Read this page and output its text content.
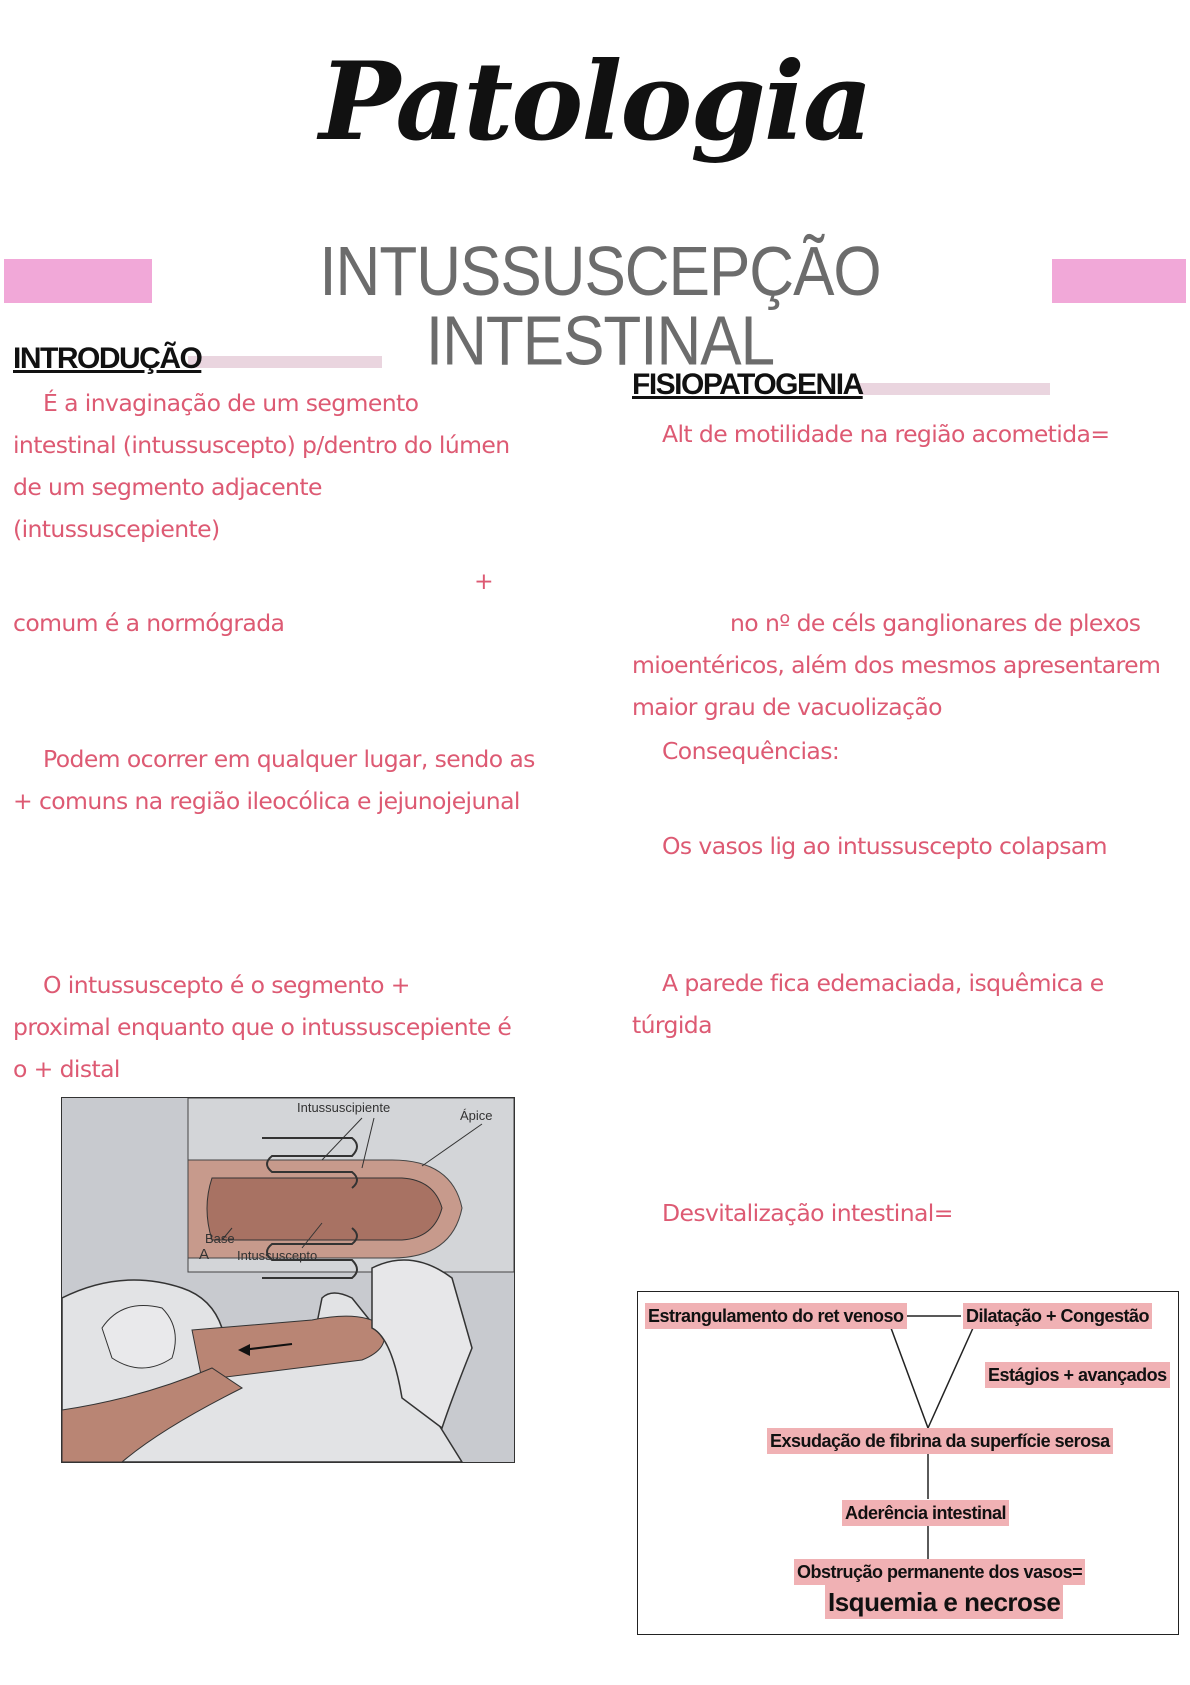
Patologia
INTUSSUSCEPÇÃO INTESTINAL
INTRODUÇÃO
É a invaginação de um segmento intestinal (intussuscepto) p/dentro do lúmen de um segmento adjacente (intussuscepiente)
+
comum é a normógrada
Podem ocorrer em qualquer lugar, sendo as + comuns na região ileocólica e jejunojejunal
O intussuscepto é o segmento + proximal enquanto que o intussuscepiente é o + distal
Intussuscipiente
Ápice
Base
A Intussuscepto
FISIOPATOGENIA
Alt de motilidade na região acometida=
no nº de céls ganglionares de plexos mioentéricos, além dos mesmos apresentarem maior grau de vacuolização
Consequências:
Os vasos lig ao intussuscepto colapsam
A parede fica edemaciada, isquêmica e túrgida
Desvitalização intestinal=
Estrangulamento do ret venoso	Dilatação + Congestão
Estágios + avançados
Exsudação de fibrina da superfície serosa
Aderência intestinal
Obstrução permanente dos vasos=
Isquemia e necrose
